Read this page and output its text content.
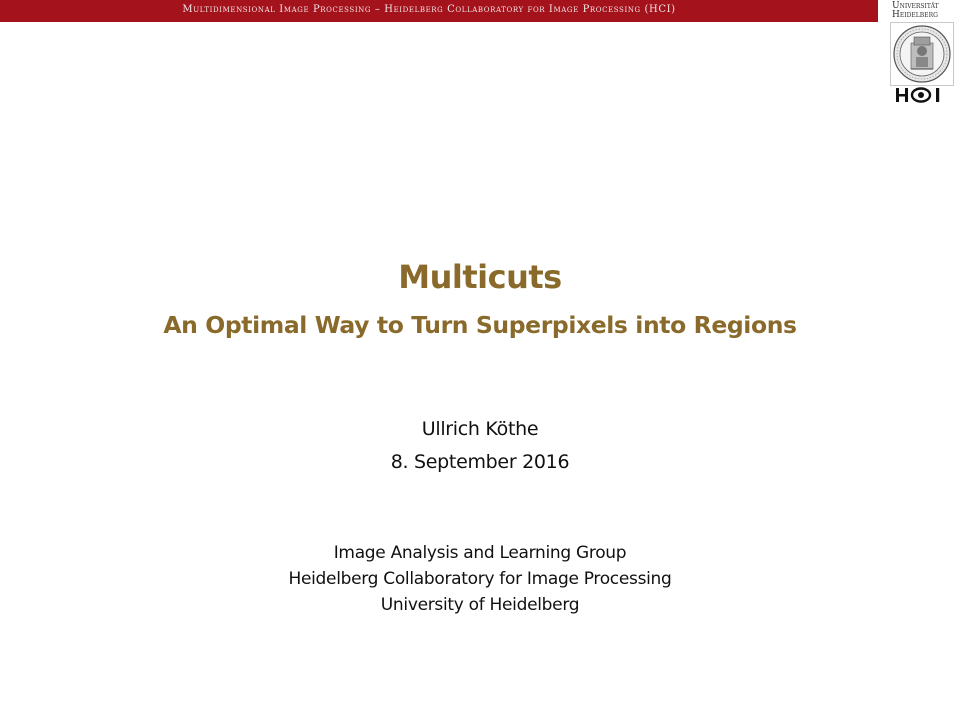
Multidimensional Image Processing – Heidelberg Collaboratory for Image Processing (HCI)	Universität
Heidelberg
Multicuts
An Optimal Way to Turn Superpixels into Regions
Ullrich Köthe
8. September 2016
Image Analysis and Learning Group
Heidelberg Collaboratory for Image Processing
University of Heidelberg
